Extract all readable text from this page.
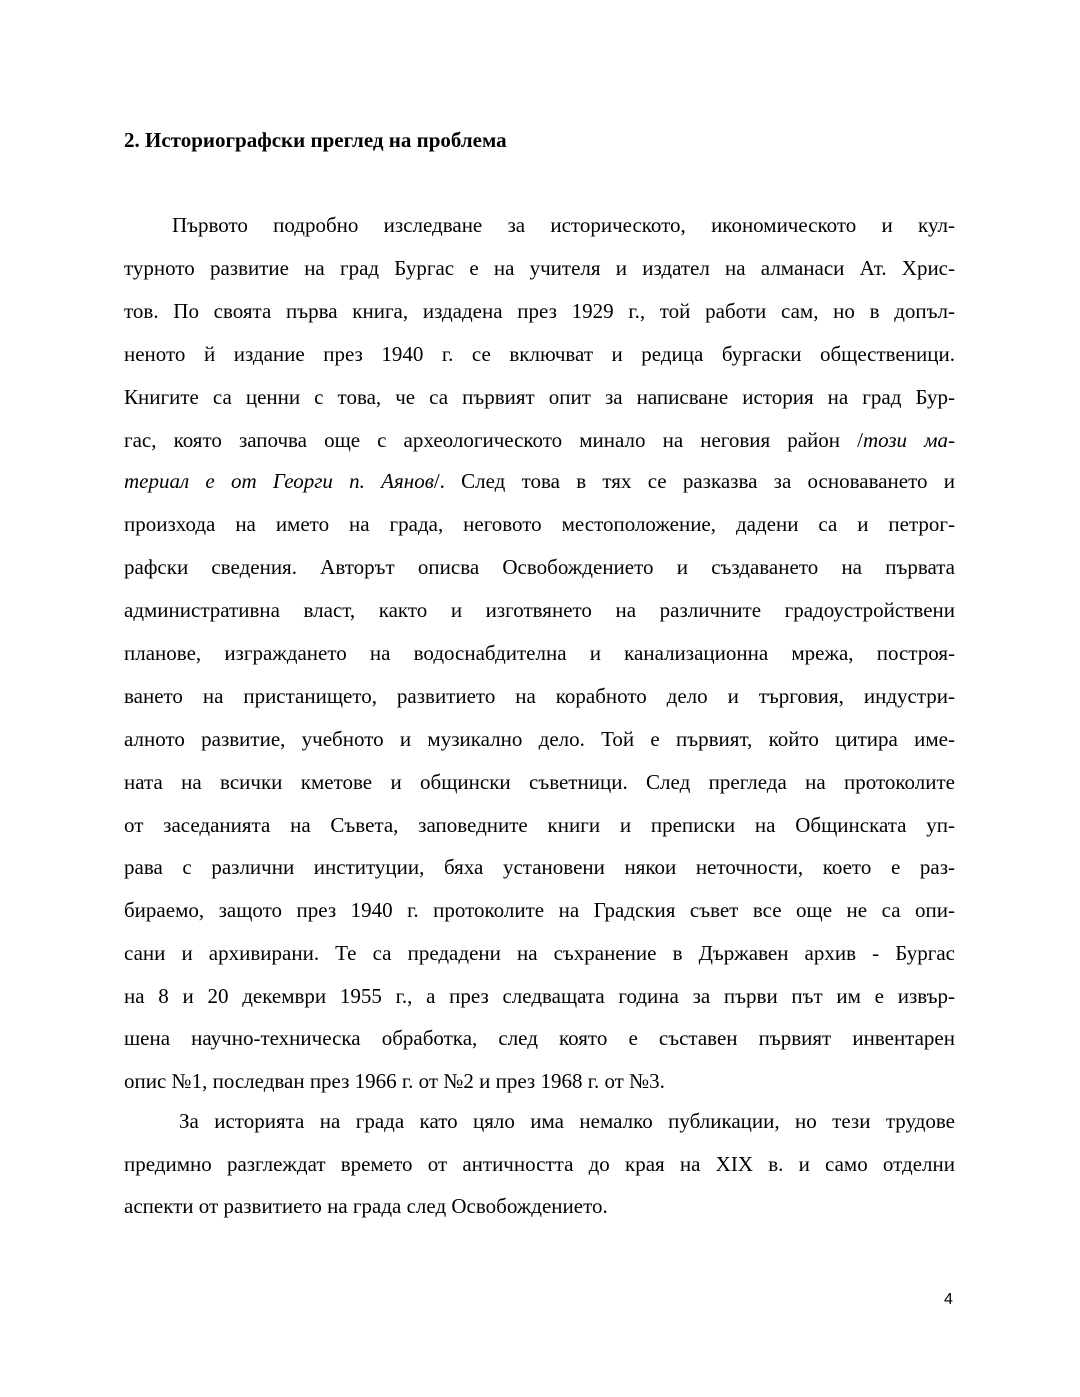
2. Историографски преглед на проблема
Първото подробно изследване за историческото, икономическото и кул-
турното развитие на град Бургас е на учителя и издател на алманаси Ат. Хрис-
тов. По своята първа книга, издадена през 1929 г., той работи сам, но в допъл-
неното й издание през 1940 г. се включват и редица бургаски общественици.
Книгите са ценни с това, че са първият опит за написване история на град Бур-
гас, която започва още с археологическото минало на неговия район /този ма-
териал е от Георги п. Аянов/. След това в тях се разказва за основаването и
произхода на името на града, неговото местоположение, дадени са и петрог-
рафски сведения. Авторът описва Освобождението и създаването на първата
административна власт, както и изготвянето на различните градоустройствени
планове, изграждането на водоснабдителна и канализационна мрежа, построя-
ването на пристанището, развитието на корабното дело и търговия, индустри-
алното развитие, учебното и музикално дело. Той е първият, който цитира име-
ната на всички кметове и общински съветници. След прегледа на протоколите
от заседанията на Съвета, заповедните книги и преписки на Общинската уп-
рава с различни институции, бяха установени някои неточности, което е раз-
бираемо, защото през 1940 г. протоколите на Градския съвет все още не са опи-
сани и архивирани. Те са предадени на съхранение в Държавен архив - Бургас
на 8 и 20 декември 1955 г., а през следващата година за първи път им е извър-
шена научно-техническа обработка, след която е съставен първият инвентарен
опис №1, последван през 1966 г. от №2 и през 1968 г. от №3.
За историята на града като цяло има немалко публикации, но тези трудове
предимно разглеждат времето от античността до края на XIX в. и само отделни
аспекти от развитието на града след Освобождението.
4
